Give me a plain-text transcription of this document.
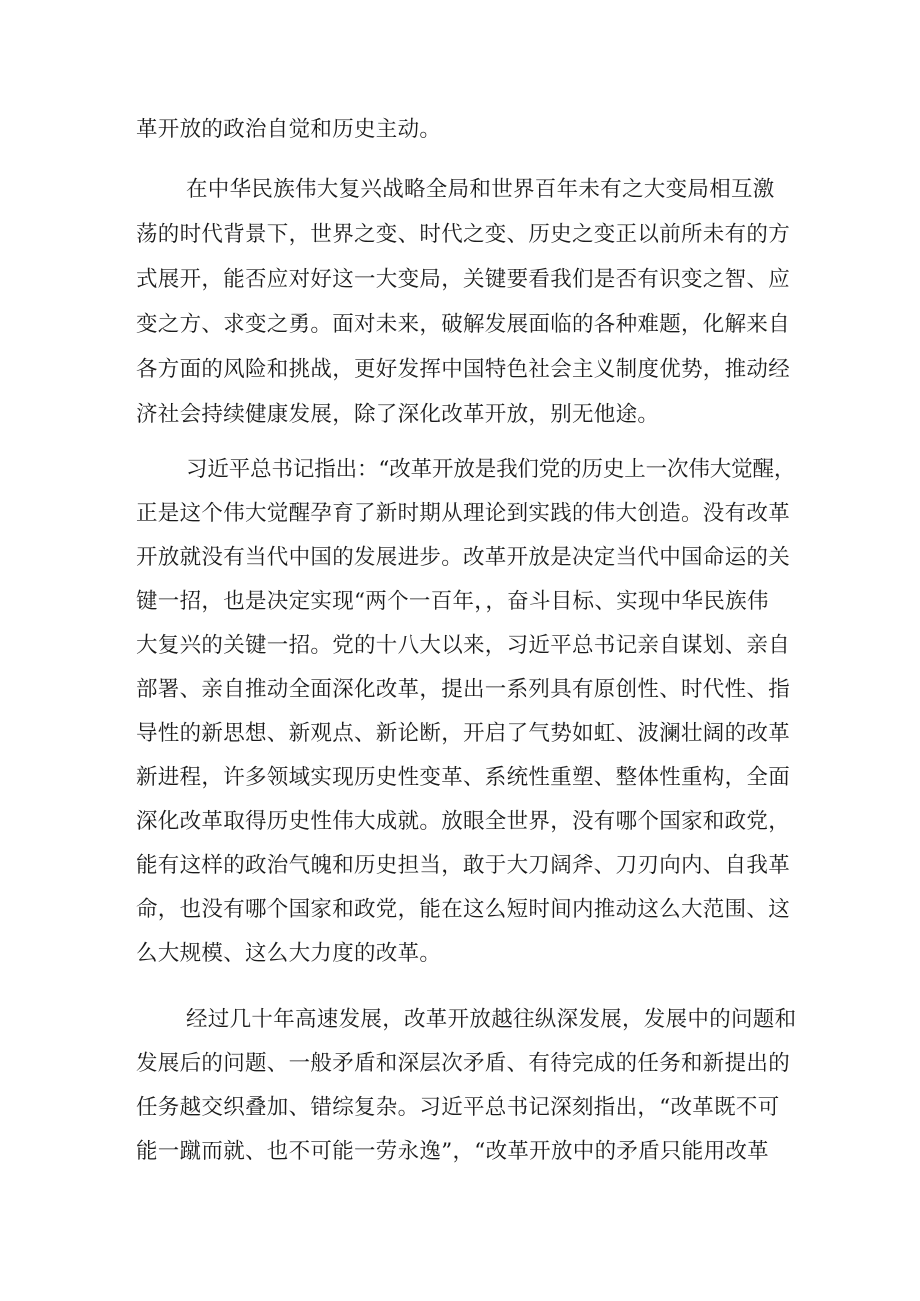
革开放的政治自觉和历史主动。
在中华民族伟大复兴战略全局和世界百年未有之大变局相互激
荡的时代背景下，世界之变、时代之变、历史之变正以前所未有的方
式展开，能否应对好这一大变局，关键要看我们是否有识变之智、应
变之方、求变之勇。面对未来，破解发展面临的各种难题，化解来自
各方面的风险和挑战，更好发挥中国特色社会主义制度优势，推动经
济社会持续健康发展，除了深化改革开放，别无他途。
习近平总书记指出：“改革开放是我们党的历史上一次伟大觉醒，
正是这个伟大觉醒孕育了新时期从理论到实践的伟大创造。没有改革
开放就没有当代中国的发展进步。改革开放是决定当代中国命运的关
键一招，也是决定实现“两个一百年，，奋斗目标、实现中华民族伟
大复兴的关键一招。党的十八大以来，习近平总书记亲自谋划、亲自
部署、亲自推动全面深化改革，提出一系列具有原创性、时代性、指
导性的新思想、新观点、新论断，开启了气势如虹、波澜壮阔的改革
新进程，许多领域实现历史性变革、系统性重塑、整体性重构，全面
深化改革取得历史性伟大成就。放眼全世界，没有哪个国家和政党，
能有这样的政治气魄和历史担当，敢于大刀阔斧、刀刃向内、自我革
命，也没有哪个国家和政党，能在这么短时间内推动这么大范围、这
么大规模、这么大力度的改革。
经过几十年高速发展，改革开放越往纵深发展，发展中的问题和
发展后的问题、一般矛盾和深层次矛盾、有待完成的任务和新提出的
任务越交织叠加、错综复杂。习近平总书记深刻指出，“改革既不可
能一蹴而就、也不可能一劳永逸”，“改革开放中的矛盾只能用改革
